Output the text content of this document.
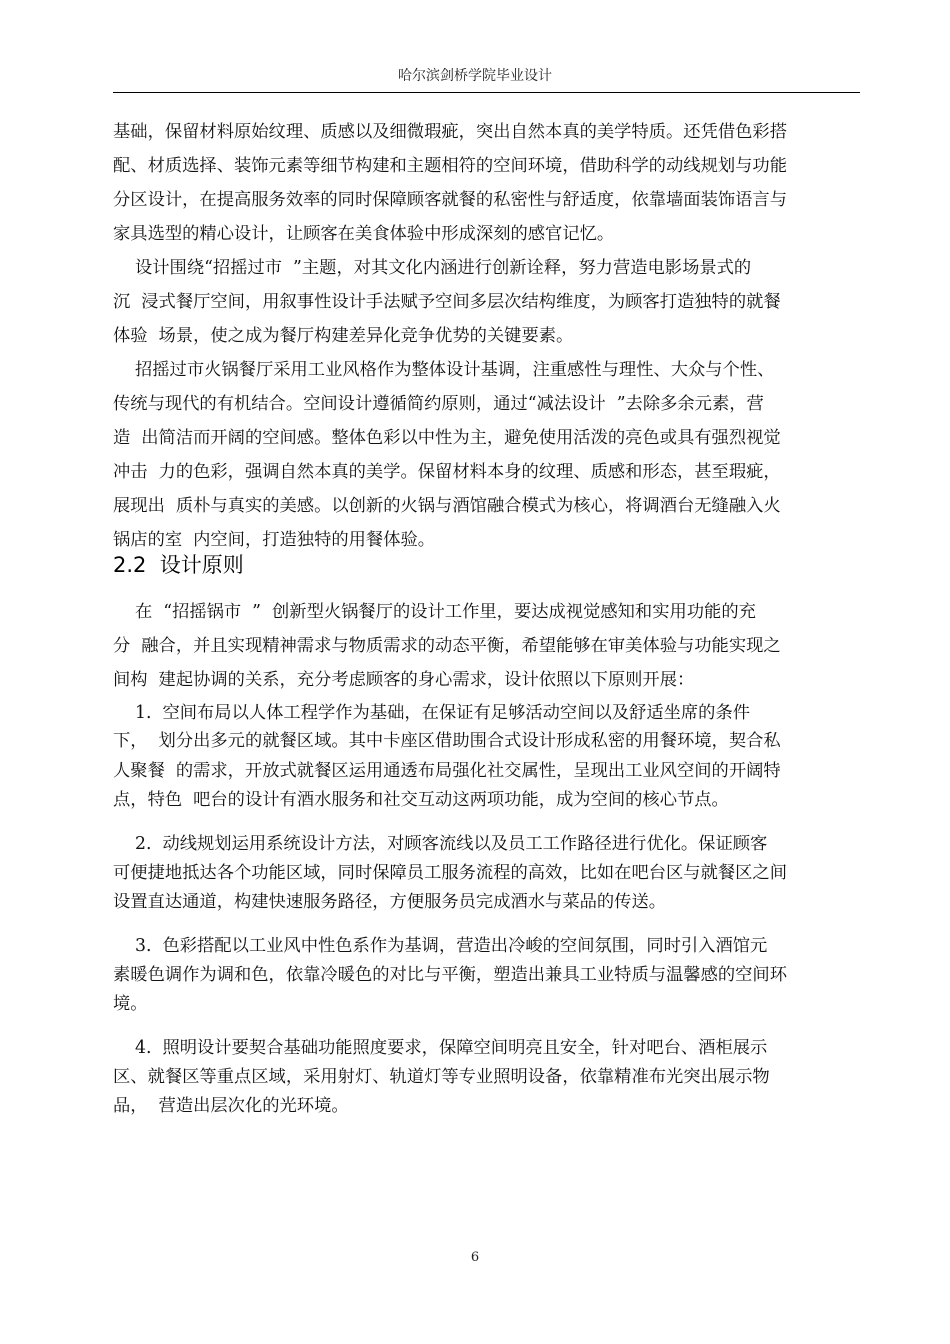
哈尔滨剑桥学院毕业设计
基础，保留材料原始纹理、质感以及细微瑕疵，突出自然本真的美学特质。还凭借色彩搭
配、材质选择、装饰元素等细节构建和主题相符的空间环境，借助科学的动线规划与功能
分区设计，在提高服务效率的同时保障顾客就餐的私密性与舒适度，依靠墙面装饰语言与
家具选型的精心设计，让顾客在美食体验中形成深刻的感官记忆。
设计围绕“招摇过市  ”主题，对其文化内涵进行创新诠释，努力营造电影场景式的
沉  浸式餐厅空间，用叙事性设计手法赋予空间多层次结构维度，为顾客打造独特的就餐
体验  场景，使之成为餐厅构建差异化竞争优势的关键要素。
招摇过市火锅餐厅采用工业风格作为整体设计基调，注重感性与理性、大众与个性、
传统与现代的有机结合。空间设计遵循简约原则，通过“减法设计  ”去除多余元素，营
造  出简洁而开阔的空间感。整体色彩以中性为主，避免使用活泼的亮色或具有强烈视觉
冲击  力的色彩，强调自然本真的美学。保留材料本身的纹理、质感和形态，甚至瑕疵，
展现出  质朴与真实的美感。以创新的火锅与酒馆融合模式为核心，将调酒台无缝融入火
锅店的室  内空间，打造独特的用餐体验。
2.2  设计原则
在  “招摇锅市  ”  创新型火锅餐厅的设计工作里，要达成视觉感知和实用功能的充
分  融合，并且实现精神需求与物质需求的动态平衡，希望能够在审美体验与功能实现之
间构  建起协调的关系，充分考虑顾客的身心需求，设计依照以下原则开展：
1.  空间布局以人体工程学作为基础，在保证有足够活动空间以及舒适坐席的条件
下，  划分出多元的就餐区域。其中卡座区借助围合式设计形成私密的用餐环境，契合私
人聚餐  的需求，开放式就餐区运用通透布局强化社交属性，呈现出工业风空间的开阔特
点，特色  吧台的设计有酒水服务和社交互动这两项功能，成为空间的核心节点。
2.  动线规划运用系统设计方法，对顾客流线以及员工工作路径进行优化。保证顾客
可便捷地抵达各个功能区域，同时保障员工服务流程的高效，比如在吧台区与就餐区之间
设置直达通道，构建快速服务路径，方便服务员完成酒水与菜品的传送。
3.  色彩搭配以工业风中性色系作为基调，营造出冷峻的空间氛围，同时引入酒馆元
素暖色调作为调和色，依靠冷暖色的对比与平衡，塑造出兼具工业特质与温馨感的空间环
境。
4.  照明设计要契合基础功能照度要求，保障空间明亮且安全，针对吧台、酒柜展示
区、就餐区等重点区域，采用射灯、轨道灯等专业照明设备，依靠精准布光突出展示物
品，  营造出层次化的光环境。
6
